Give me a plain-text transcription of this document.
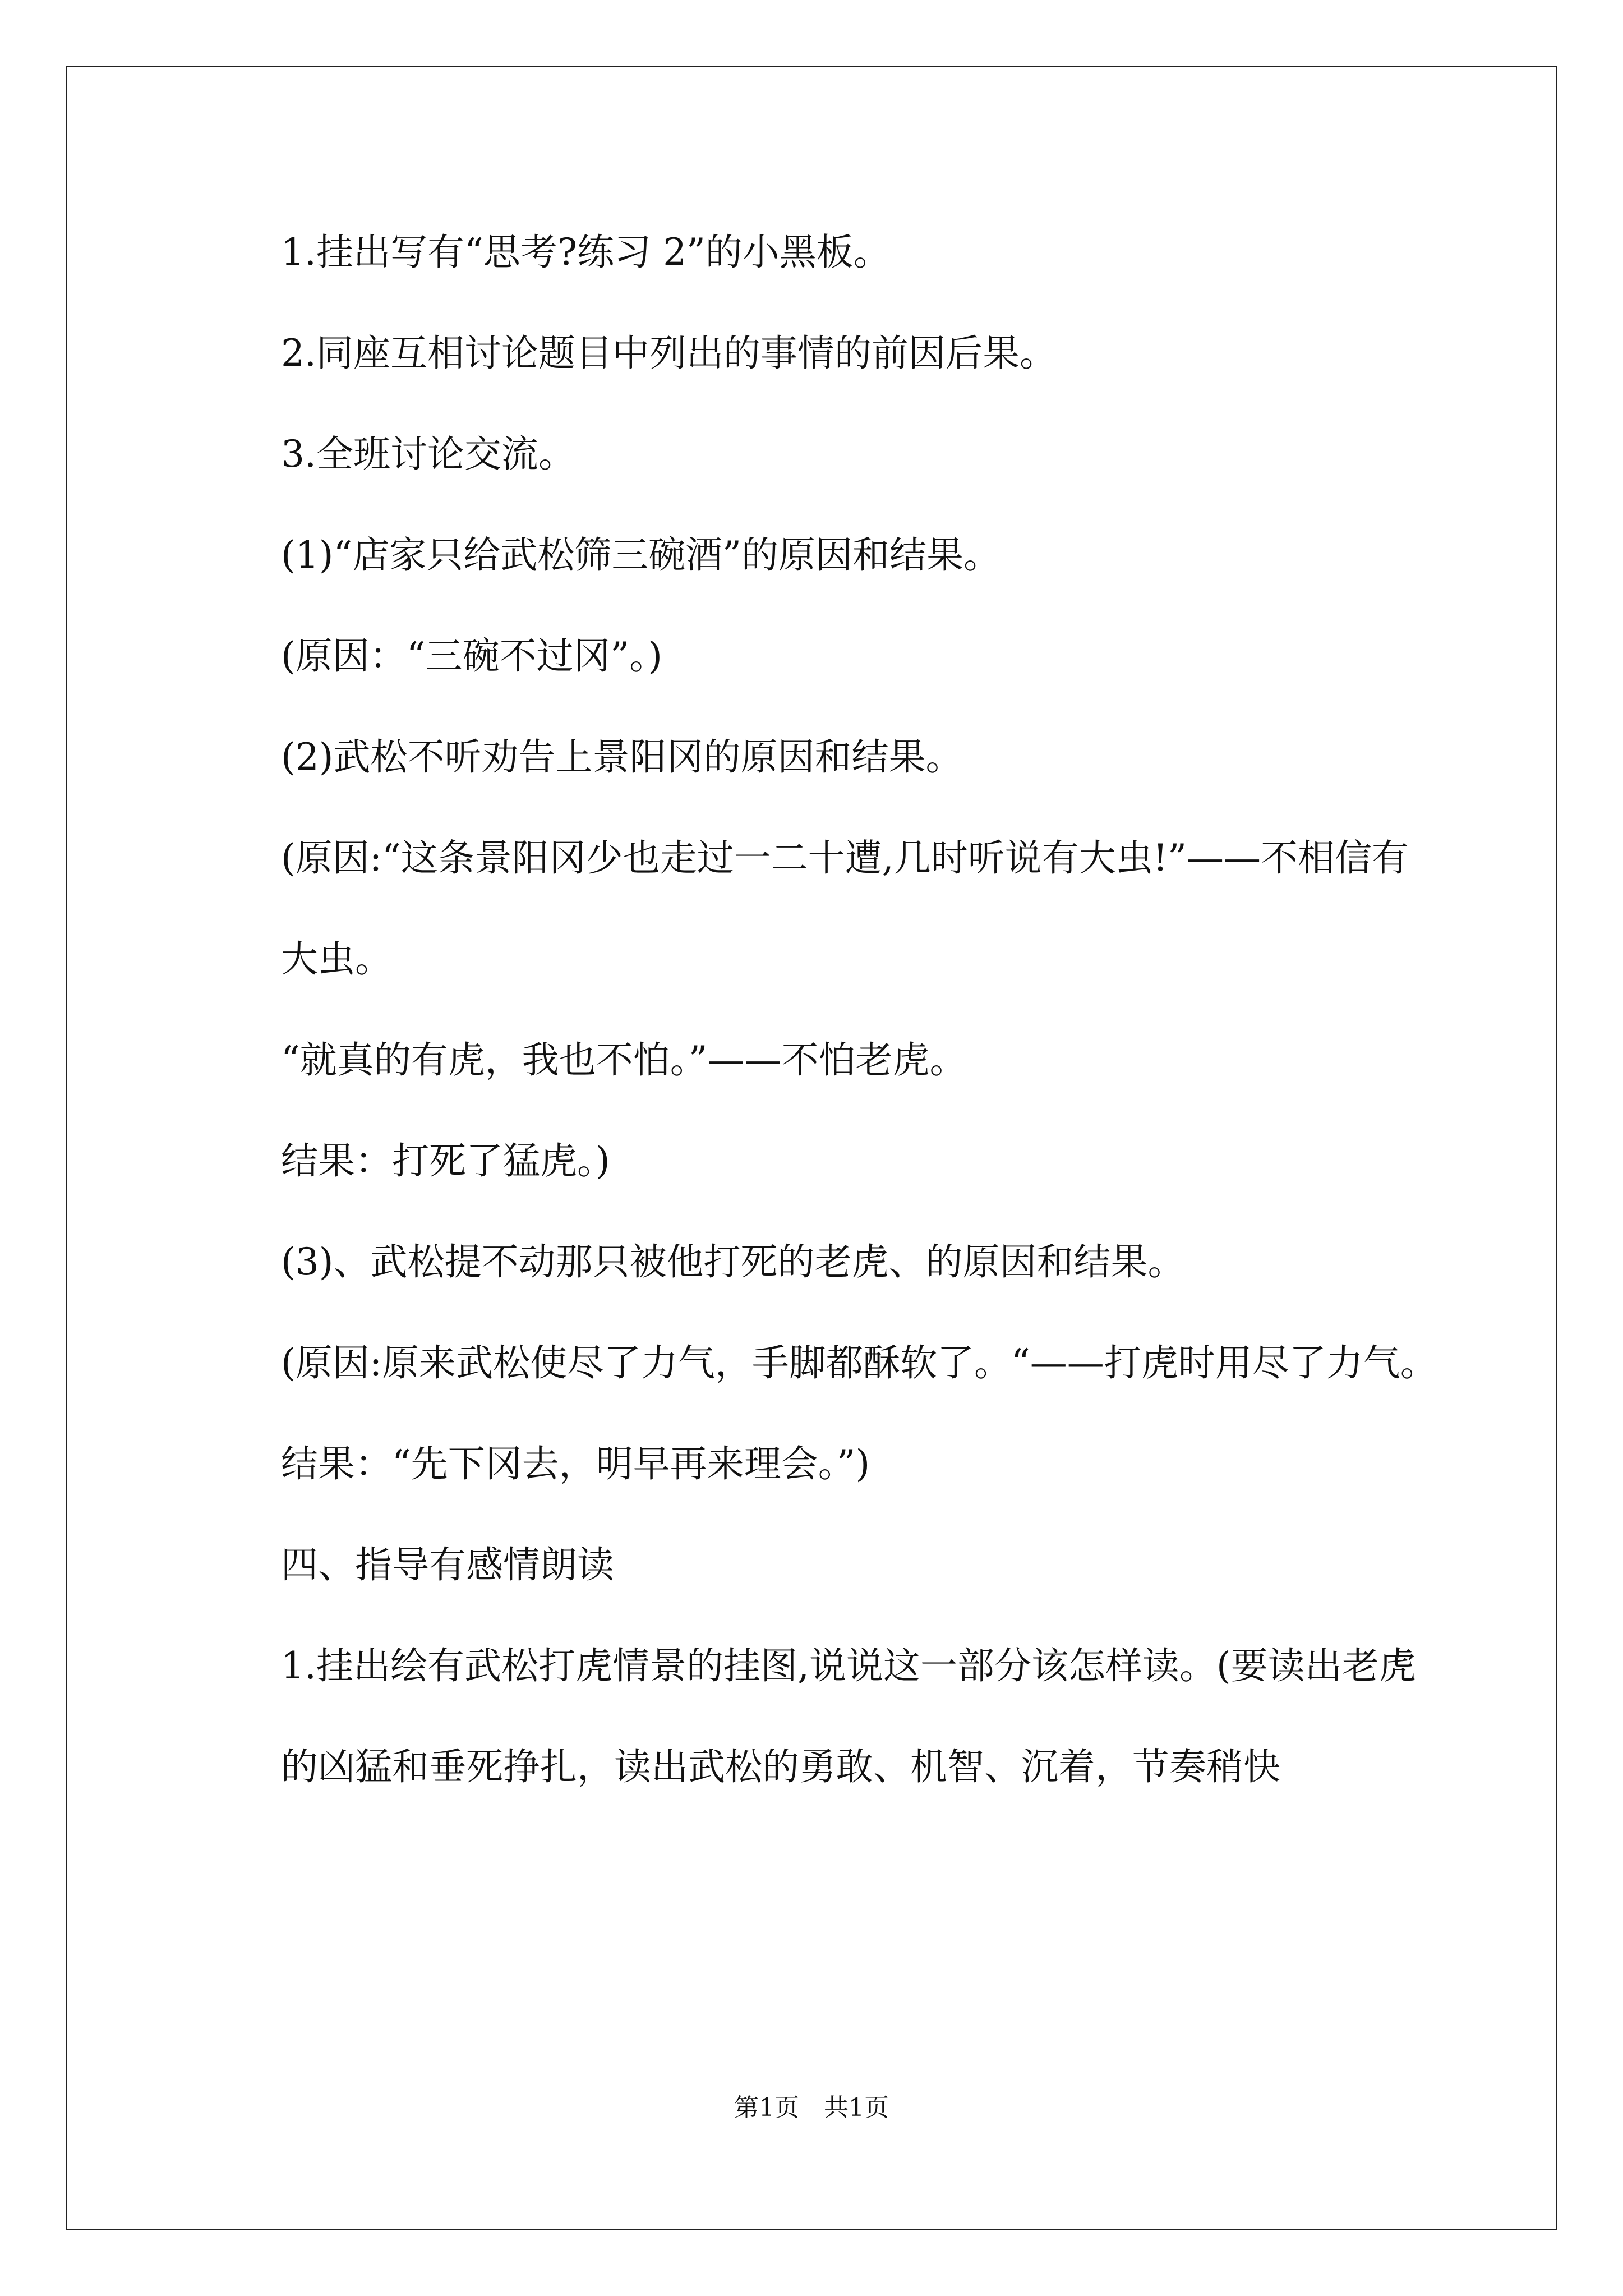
1.挂出写有“思考?练习 2”的小黑板。

2.同座互相讨论题目中列出的事情的前因后果。

3.全班讨论交流。

(1)“店家只给武松筛三碗酒”的原因和结果。

(原因：“三碗不过冈”。)

(2)武松不听劝告上景阳冈的原因和结果。

(原因:“这条景阳冈少也走过一二十遭,几时听说有大虫!”——不相信有大虫。

“就真的有虎，我也不怕。”——不怕老虎。

结果：打死了猛虎。)

(3)、武松提不动那只被他打死的老虎、的原因和结果。

(原因:原来武松使尽了力气，手脚都酥软了。“——打虎时用尽了力气。

结果：“先下冈去，明早再来理会。”)

四、指导有感情朗读

1.挂出绘有武松打虎情景的挂图,说说这一部分该怎样读。(要读出老虎的凶猛和垂死挣扎，读出武松的勇敢、机智、沉着，节奏稍快

第1页　共1页
